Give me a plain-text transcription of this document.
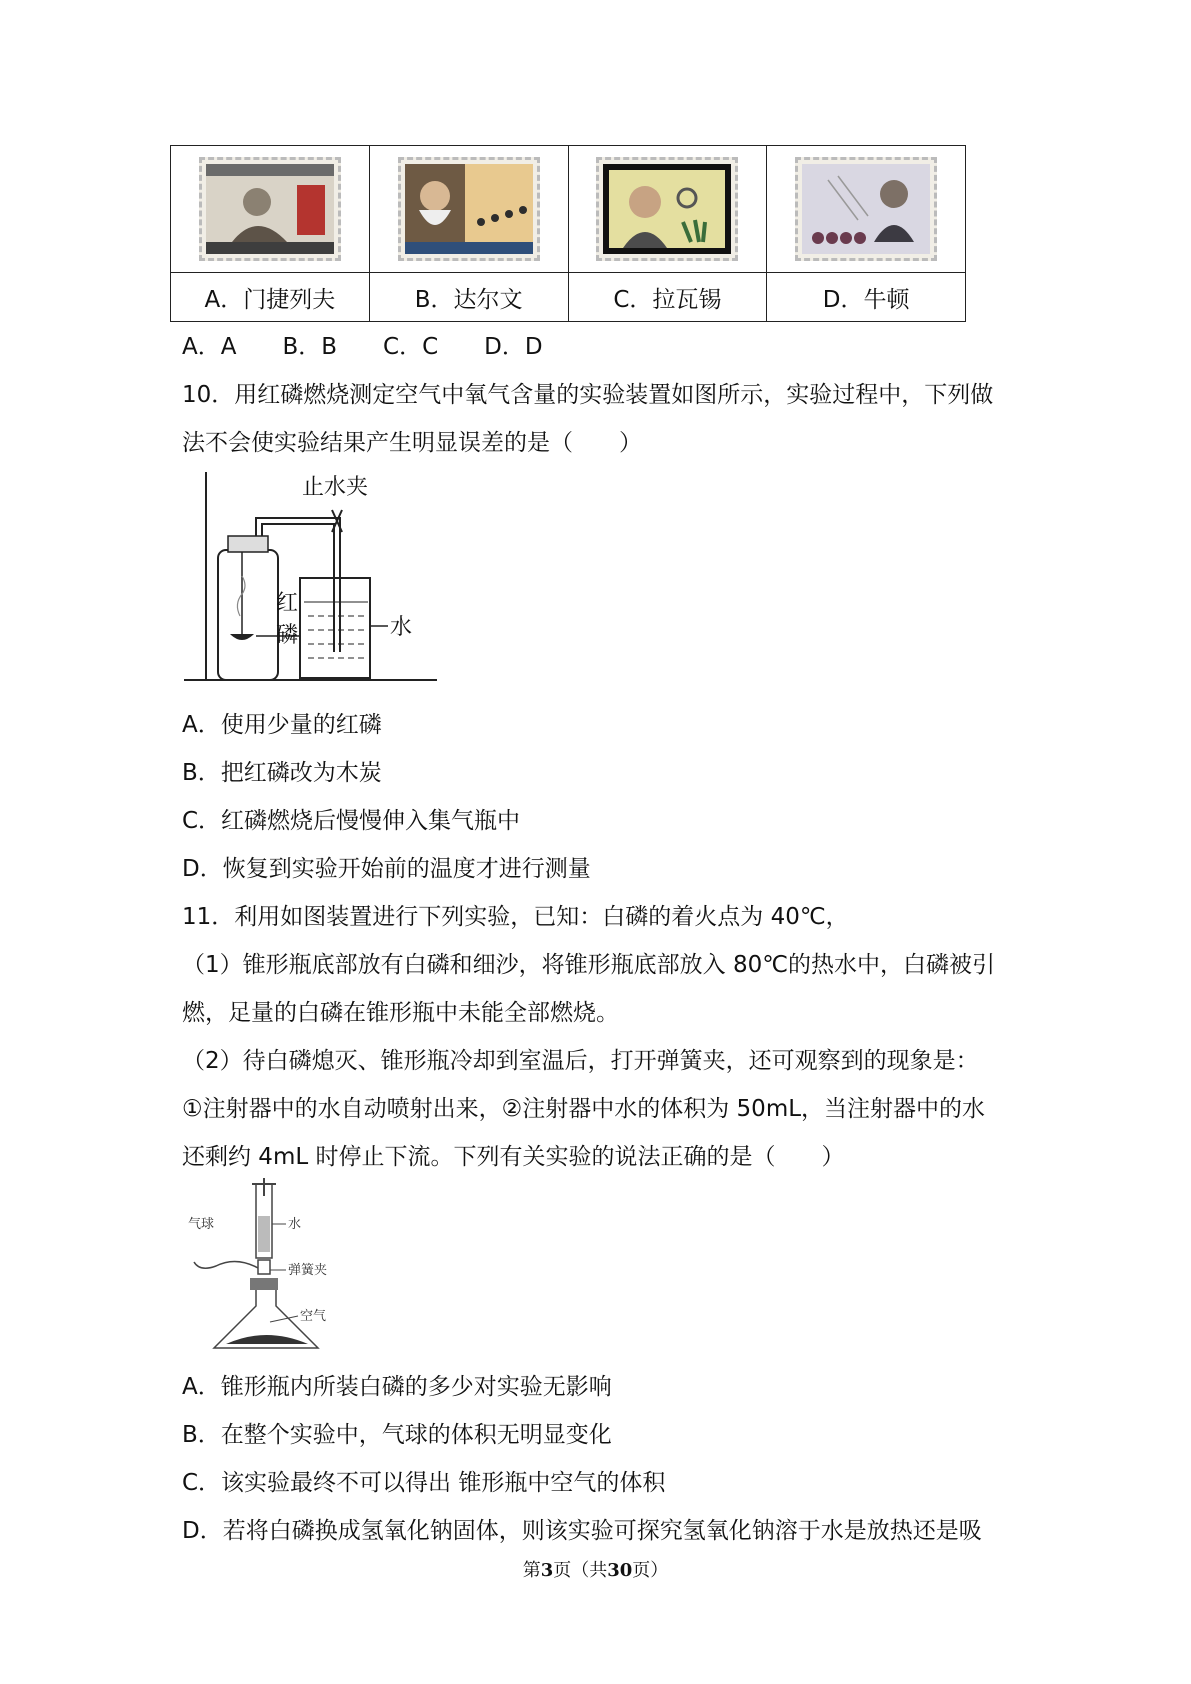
A．门捷列夫	B．达尔文	C．拉瓦锡	D．牛顿
A．A　　B．B　　C．C　　D．D
10．用红磷燃烧测定空气中氧气含量的实验装置如图所示，实验过程中，下列做
法不会使实验结果产生明显误差的是（　　）
止水夹
红
磷	水
A．使用少量的红磷
B．把红磷改为木炭
C．红磷燃烧后慢慢伸入集气瓶中
D．恢复到实验开始前的温度才进行测量
11．利用如图装置进行下列实验，已知：白磷的着火点为 40℃，
（1）锥形瓶底部放有白磷和细沙，将锥形瓶底部放入 80℃的热水中，白磷被引
燃，足量的白磷在锥形瓶中未能全部燃烧。
（2）待白磷熄灭、锥形瓶冷却到室温后，打开弹簧夹，还可观察到的现象是：
①注射器中的水自动喷射出来，②注射器中水的体积为 50mL，当注射器中的水
还剩约 4mL 时停止下流。下列有关实验的说法正确的是（　　）
气球	水
弹簧夹
空气
A．锥形瓶内所装白磷的多少对实验无影响
B．在整个实验中，气球的体积无明显变化
C．该实验最终不可以得出 锥形瓶中空气的体积
D．若将白磷换成氢氧化钠固体，则该实验可探究氢氧化钠溶于水是放热还是吸
第3页（共30页）
